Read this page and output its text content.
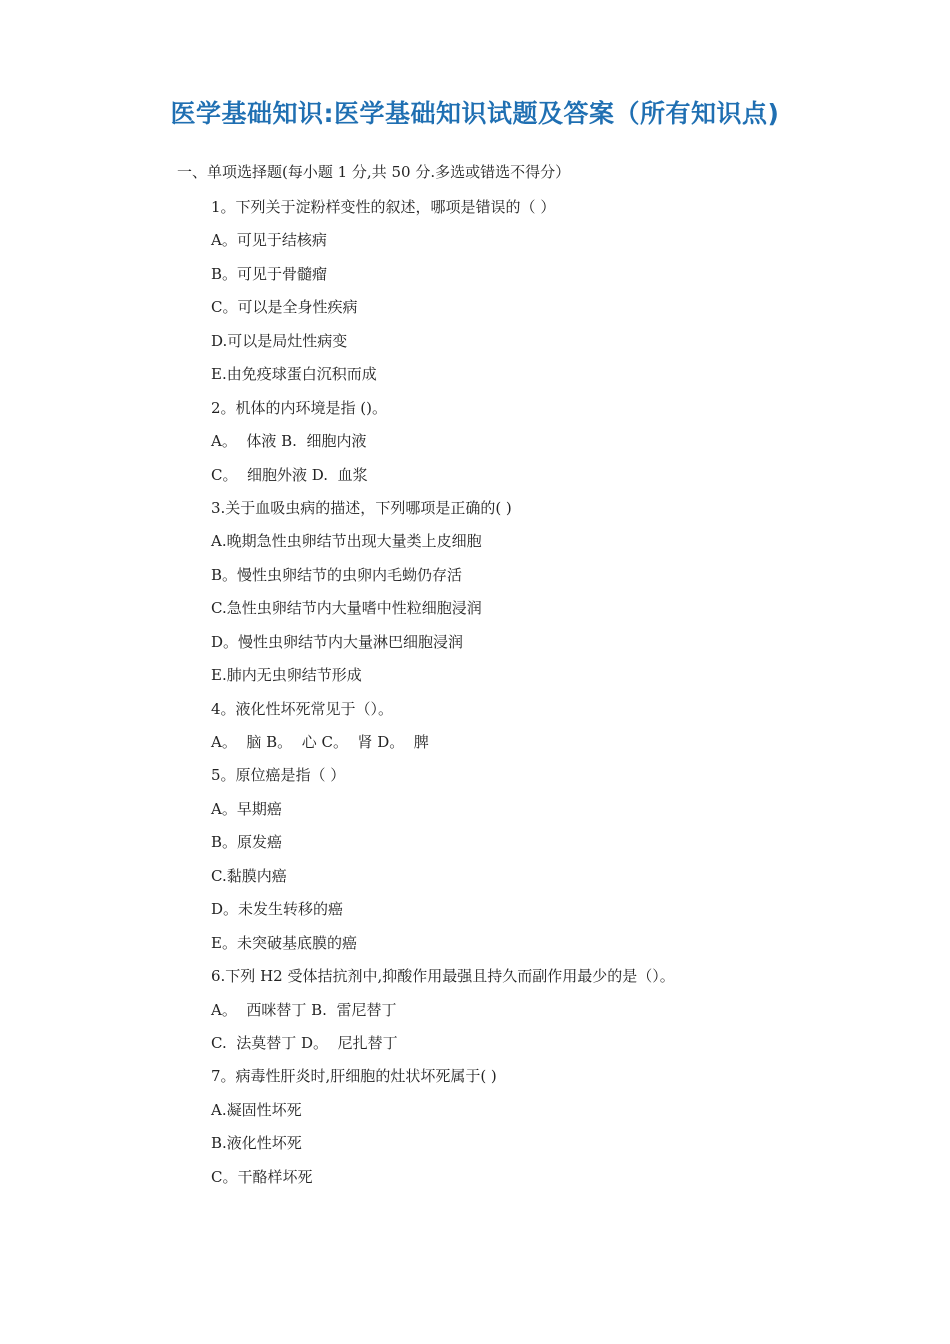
医学基础知识:医学基础知识试题及答案（所有知识点)
一、单项选择题(每小题 1 分,共 50 分.多选或错选不得分）
1。下列关于淀粉样变性的叙述，哪项是错误的（ ）
A。可见于结核病
B。可见于骨髓瘤
C。可以是全身性疾病
D.可以是局灶性病变
E.由免疫球蛋白沉积而成
2。机体的内环境是指 ()。
A。  体液 B.  细胞内液
C。  细胞外液 D.  血浆
3.关于血吸虫病的描述，下列哪项是正确的( )
A.晚期急性虫卵结节出现大量类上皮细胞
B。慢性虫卵结节的虫卵内毛蚴仍存活
C.急性虫卵结节内大量嗜中性粒细胞浸润
D。慢性虫卵结节内大量淋巴细胞浸润
E.肺内无虫卵结节形成
4。液化性坏死常见于（）。
A。  脑 B。  心 C。  肾 D。  脾
5。原位癌是指（ ）
A。早期癌
B。原发癌
C.黏膜内癌
D。未发生转移的癌
E。未突破基底膜的癌
6.下列 H2 受体拮抗剂中,抑酸作用最强且持久而副作用最少的是（）。
A。  西咪替丁 B.  雷尼替丁
C.  法莫替丁 D。  尼扎替丁
7。病毒性肝炎时,肝细胞的灶状坏死属于( )
A.凝固性坏死
B.液化性坏死
C。干酪样坏死
